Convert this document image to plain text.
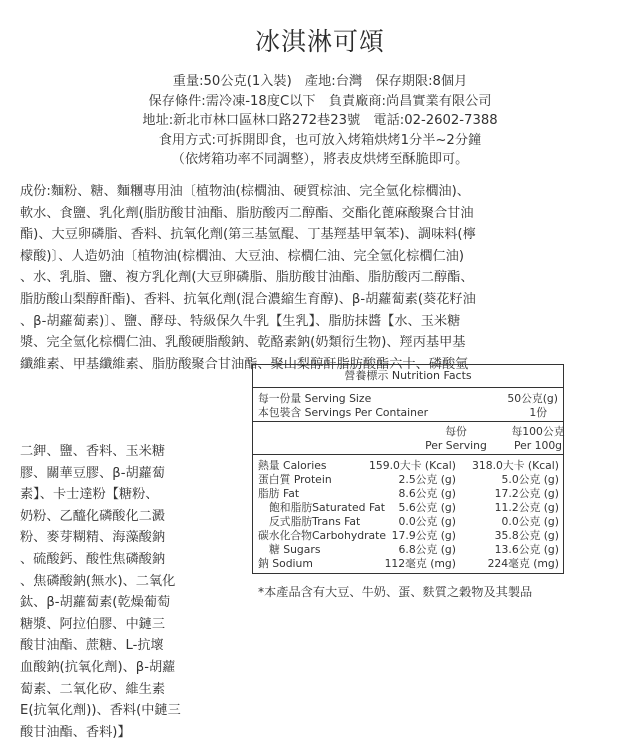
冰淇淋可頌
重量:50公克(1入裝)　產地:台灣　保存期限:8個月
保存條件:需冷凍-18度C以下　負責廠商:尚昌實業有限公司
地址:新北市林口區林口路272巷23號　電話:02-2602-7388
食用方式:可拆開即食，也可放入烤箱烘烤1分半~2分鐘
（依烤箱功率不同調整），將表皮烘烤至酥脆即可。
成份:麵粉、糖、麵糰專用油〔植物油(棕櫚油、硬質棕油、完全氫化棕櫚油)、
軟水、食鹽、乳化劑(脂肪酸甘油酯、脂肪酸丙二醇酯、交酯化蓖麻酸聚合甘油
酯)、大豆卵磷脂、香料、抗氧化劑(第三基氫醌、丁基羥基甲氧苯)、調味料(檸
檬酸)〕、人造奶油〔植物油(棕櫚油、大豆油、棕櫚仁油、完全氫化棕櫚仁油)
、水、乳脂、鹽、複方乳化劑(大豆卵磷脂、脂肪酸甘油酯、脂肪酸丙二醇酯、
脂肪酸山梨醇酐酯)、香料、抗氧化劑(混合濃縮生育醇)、β-胡蘿蔔素(葵花籽油
、β-胡蘿蔔素)〕、鹽、酵母、特級保久牛乳【生乳】、脂肪抹醬【水、玉米糖
漿、完全氫化棕櫚仁油、乳酸硬脂酸鈉、乾酪素鈉(奶類衍生物)、羥丙基甲基
纖維素、甲基纖維素、脂肪酸聚合甘油酯、聚山梨醇酐脂肪酸酯六十、磷酸氫
二鉀、鹽、香料、玉米糖
膠、關華豆膠、β-胡蘿蔔
素】、卡士達粉【糖粉、
奶粉、乙醯化磷酸化二澱
粉、麥芽糊精、海藻酸鈉
、硫酸鈣、酸性焦磷酸鈉
、焦磷酸鈉(無水)、二氧化
鈦、β-胡蘿蔔素(乾燥葡萄
糖漿、阿拉伯膠、中鏈三
酸甘油酯、蔗糖、L-抗壞
血酸鈉(抗氧化劑)、β-胡蘿
蔔素、二氧化矽、維生素
E(抗氧化劑))、香料(中鏈三
酸甘油酯、香料)】
營養標示 Nutrition Facts
每一份量 Serving Size	50公克(g)
本包裝含 Servings Per Container	1份
每份	每100公克
Per Serving	Per 100g
熱量 Calories	159.0大卡 (Kcal) 318.0大卡 (Kcal)
蛋白質 Protein	2.5公克 (g)	5.0公克 (g)
脂肪 Fat	8.6公克 (g)	17.2公克 (g)
飽和脂肪Saturated Fat 5.6公克 (g)	11.2公克 (g)
反式脂肪Trans Fat	0.0公克 (g)	0.0公克 (g)
碳水化合物Carbohydrate 17.9公克 (g)	35.8公克 (g)
糖 Sugars	6.8公克 (g)	13.6公克 (g)
鈉 Sodium	112毫克 (mg)	224毫克 (mg)
*本產品含有大豆、牛奶、蛋、麩質之穀物及其製品
